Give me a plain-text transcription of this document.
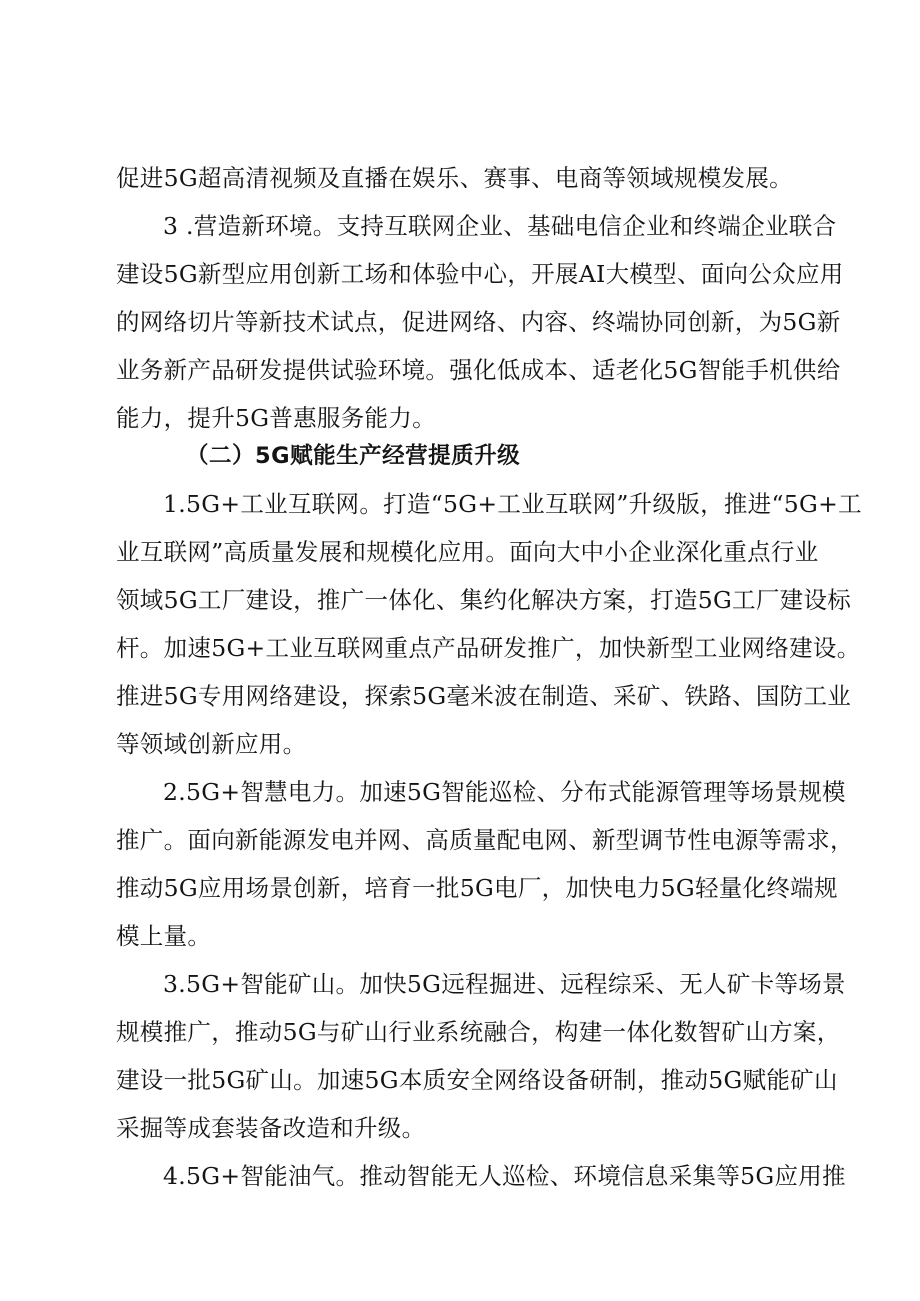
促进5G超高清视频及直播在娱乐、赛事、电商等领域规模发展。

3 .营造新环境。支持互联网企业、基础电信企业和终端企业联合

建设5G新型应用创新工场和体验中心，开展AI大模型、面向公众应用

的网络切片等新技术试点，促进网络、内容、终端协同创新，为5G新

业务新产品研发提供试验环境。强化低成本、适老化5G智能手机供给

能力，提升5G普惠服务能力。

（二）5G赋能生产经营提质升级

1.5G+工业互联网。打造“5G+工业互联网”升级版，推进“5G+工

业互联网”高质量发展和规模化应用。面向大中小企业深化重点行业

领域5G工厂建设，推广一体化、集约化解决方案，打造5G工厂建设标

杆。加速5G+工业互联网重点产品研发推广，加快新型工业网络建设。

推进5G专用网络建设，探索5G毫米波在制造、采矿、铁路、国防工业

等领域创新应用。

2.5G+智慧电力。加速5G智能巡检、分布式能源管理等场景规模

推广。面向新能源发电并网、高质量配电网、新型调节性电源等需求，

推动5G应用场景创新，培育一批5G电厂，加快电力5G轻量化终端规

模上量。

3.5G+智能矿山。加快5G远程掘进、远程综采、无人矿卡等场景

规模推广，推动5G与矿山行业系统融合，构建一体化数智矿山方案，

建设一批5G矿山。加速5G本质安全网络设备研制，推动5G赋能矿山

采掘等成套装备改造和升级。

4.5G+智能油气。推动智能无人巡检、环境信息采集等5G应用推
